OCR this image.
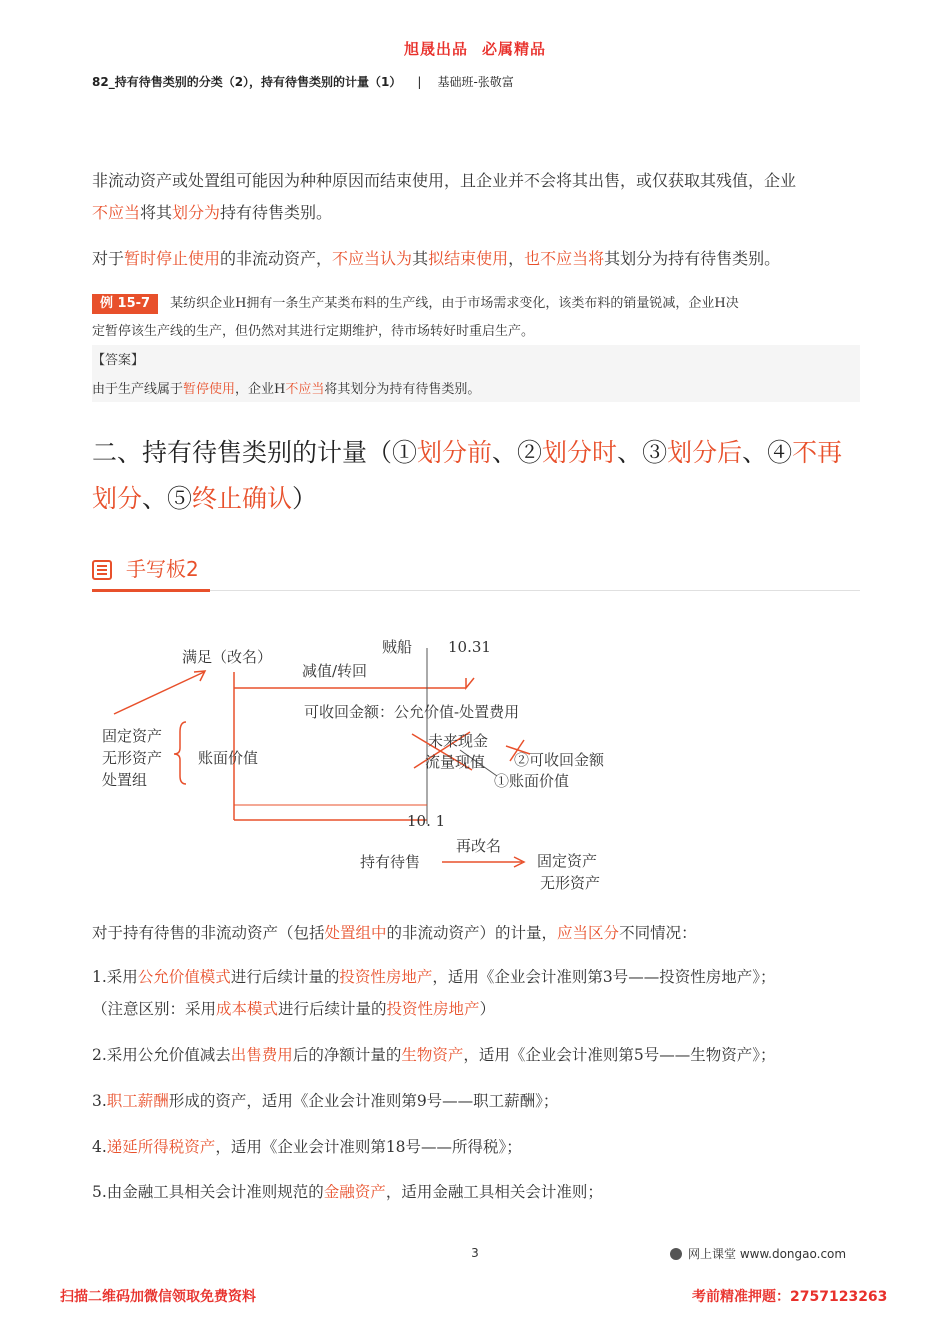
旭晟出品 必属精品
82_持有待售类别的分类（2），持有待售类别的计量（1） | 基础班-张敬富
非流动资产或处置组可能因为种种原因而结束使用，且企业并不会将其出售，或仅获取其残值，企业
不应当将其划分为持有待售类别。
对于暂时停止使用的非流动资产，不应当认为其拟结束使用，也不应当将其划分为持有待售类别。
例 15-7 某纺织企业H拥有一条生产某类布料的生产线，由于市场需求变化，该类布料的销量锐减，企业H决
定暂停该生产线的生产，但仍然对其进行定期维护，待市场转好时重启生产。
【答案】
由于生产线属于暂停使用，企业H不应当将其划分为持有待售类别。
二、持有待售类别的计量（①划分前、②划分时、③划分后、④不再
划分、⑤终止确认）
手写板2
满足（改名）
贼船 10.31
减值/转回
可收回金额：公允价值-处置费用
固定资产
无形资产
处置组
账面价值
未来现金
流量现值 ②可收回金额
①账面价值
10. 1
再改名
持有待售	固定资产
无形资产
对于持有待售的非流动资产（包括处置组中的非流动资产）的计量，应当区分不同情况：
1.采用公允价值模式进行后续计量的投资性房地产，适用《企业会计准则第3号——投资性房地产》；
（注意区别：采用成本模式进行后续计量的投资性房地产）
2.采用公允价值减去出售费用后的净额计量的生物资产，适用《企业会计准则第5号——生物资产》；
3.职工薪酬形成的资产，适用《企业会计准则第9号——职工薪酬》；
4.递延所得税资产，适用《企业会计准则第18号——所得税》；
5.由金融工具相关会计准则规范的金融资产，适用金融工具相关会计准则；
3	网上课堂 www.dongao.com
扫描二维码加微信领取免费资料	考前精准押题：2757123263
